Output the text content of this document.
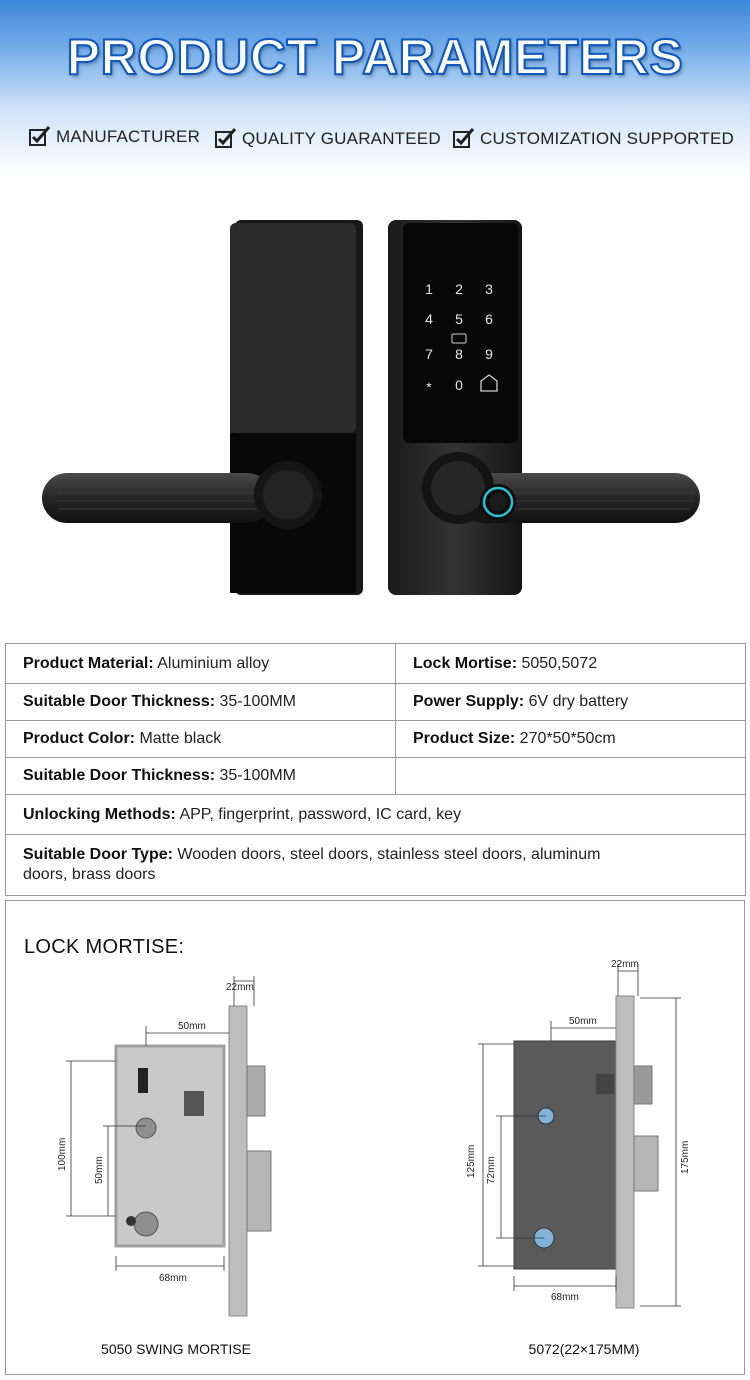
PRODUCT PARAMETERS
MANUFACTURER QUALITY GUARANTEED CUSTOMIZATION SUPPORTED
1 2 3
4 5 6
7 8 9
* 0
Product Material: Aluminium alloy	Lock Mortise: 5050,5072
Suitable Door Thickness: 35-100MM	Power Supply: 6V dry battery
Product Color: Matte black	Product Size: 270*50*50cm
Suitable Door Thickness: 35-100MM	
Unlocking Methods: APP, fingerprint, password, IC card, key	
Suitable Door Type: Wooden doors, steel doors, stainless steel doors, aluminum doors, brass doors	
LOCK MORTISE:
22mm
50mm
100mm	50mm
68mm
5050 SWING MORTISE
22mm
50mm
125mm 72mm	175mm
68mm
5072(22×175MM)
